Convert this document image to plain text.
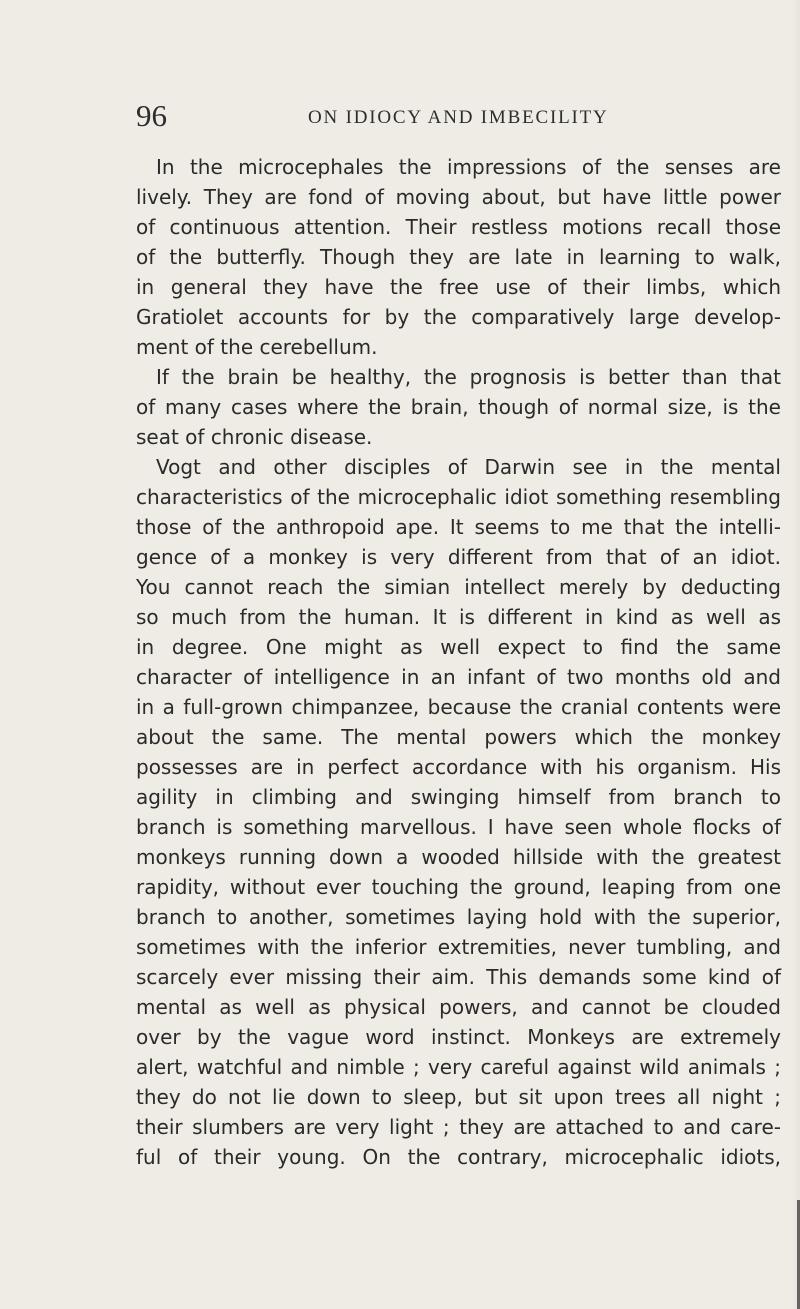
96	ON IDIOCY AND IMBECILITY
In the microcephales the impressions of the senses are
lively. They are fond of moving about, but have little power
of continuous attention. Their restless motions recall those
of the butterfly. Though they are late in learning to walk,
in general they have the free use of their limbs, which
Gratiolet accounts for by the comparatively large develop-
ment of the cerebellum.
If the brain be healthy, the prognosis is better than that
of many cases where the brain, though of normal size, is the
seat of chronic disease.
Vogt and other disciples of Darwin see in the mental
characteristics of the microcephalic idiot something resembling
those of the anthropoid ape. It seems to me that the intelli-
gence of a monkey is very different from that of an idiot.
You cannot reach the simian intellect merely by deducting
so much from the human. It is different in kind as well as
in degree. One might as well expect to find the same
character of intelligence in an infant of two months old and
in a full-grown chimpanzee, because the cranial contents were
about the same. The mental powers which the monkey
possesses are in perfect accordance with his organism. His
agility in climbing and swinging himself from branch to
branch is something marvellous. I have seen whole flocks of
monkeys running down a wooded hillside with the greatest
rapidity, without ever touching the ground, leaping from one
branch to another, sometimes laying hold with the superior,
sometimes with the inferior extremities, never tumbling, and
scarcely ever missing their aim. This demands some kind of
mental as well as physical powers, and cannot be clouded
over by the vague word instinct. Monkeys are extremely
alert, watchful and nimble ; very careful against wild animals ;
they do not lie down to sleep, but sit upon trees all night ;
their slumbers are very light ; they are attached to and care-
ful of their young. On the contrary, microcephalic idiots,
